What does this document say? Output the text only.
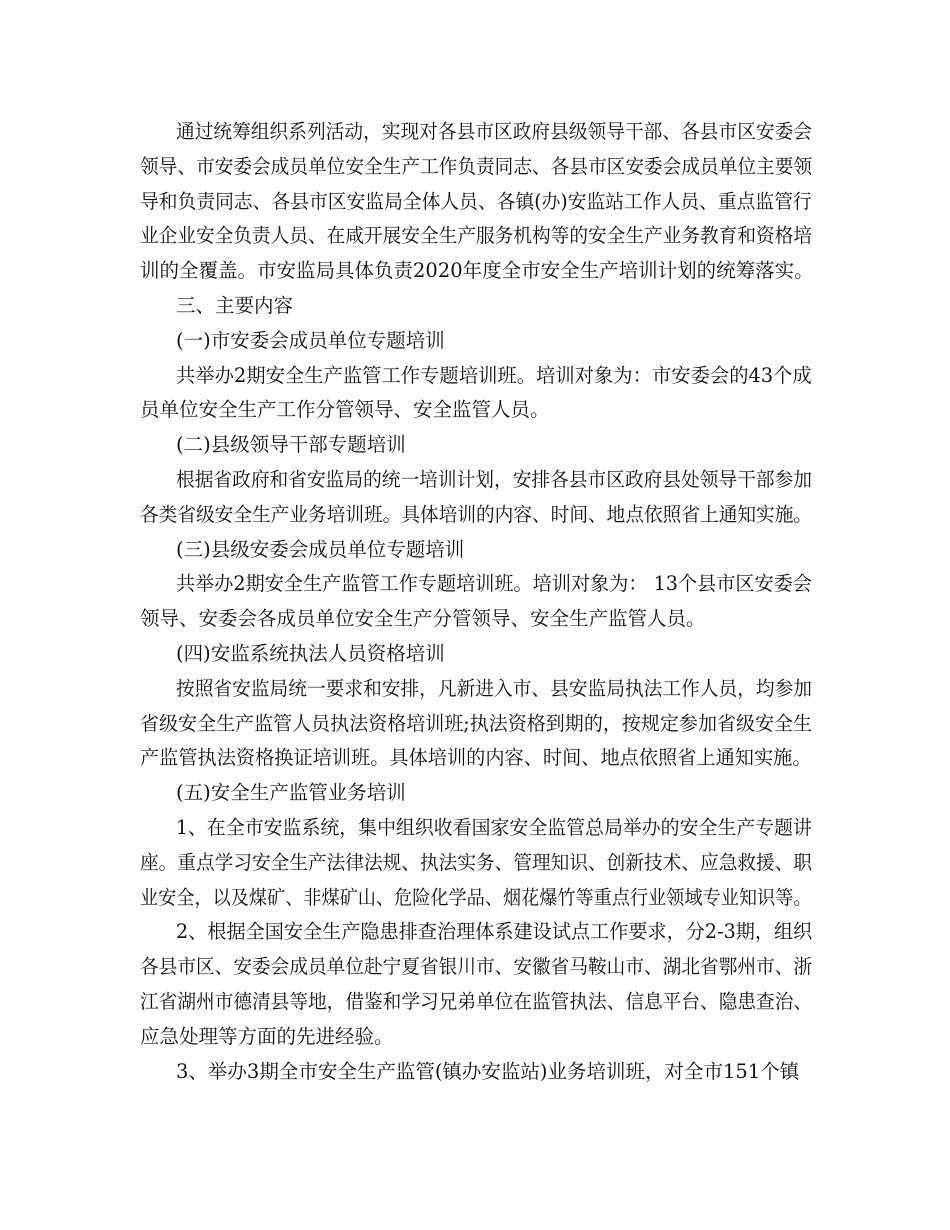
通过统筹组织系列活动，实现对各县市区政府县级领导干部、各县市区安委会
领导、市安委会成员单位安全生产工作负责同志、各县市区安委会成员单位主要领
导和负责同志、各县市区安监局全体人员、各镇(办)安监站工作人员、重点监管行
业企业安全负责人员、在咸开展安全生产服务机构等的安全生产业务教育和资格培
训的全覆盖。市安监局具体负责2020年度全市安全生产培训计划的统筹落实。
三、主要内容
(一)市安委会成员单位专题培训
共举办2期安全生产监管工作专题培训班。培训对象为：市安委会的43个成
员单位安全生产工作分管领导、安全监管人员。
(二)县级领导干部专题培训
根据省政府和省安监局的统一培训计划，安排各县市区政府县处领导干部参加
各类省级安全生产业务培训班。具体培训的内容、时间、地点依照省上通知实施。
(三)县级安委会成员单位专题培训
共举办2期安全生产监管工作专题培训班。培训对象为： 13个县市区安委会
领导、安委会各成员单位安全生产分管领导、安全生产监管人员。
(四)安监系统执法人员资格培训
按照省安监局统一要求和安排，凡新进入市、县安监局执法工作人员，均参加
省级安全生产监管人员执法资格培训班;执法资格到期的，按规定参加省级安全生
产监管执法资格换证培训班。具体培训的内容、时间、地点依照省上通知实施。
(五)安全生产监管业务培训
1、在全市安监系统，集中组织收看国家安全监管总局举办的安全生产专题讲
座。重点学习安全生产法律法规、执法实务、管理知识、创新技术、应急救援、职
业安全，以及煤矿、非煤矿山、危险化学品、烟花爆竹等重点行业领域专业知识等。
2、根据全国安全生产隐患排查治理体系建设试点工作要求，分2-3期，组织
各县市区、安委会成员单位赴宁夏省银川市、安徽省马鞍山市、湖北省鄂州市、浙
江省湖州市德清县等地，借鉴和学习兄弟单位在监管执法、信息平台、隐患查治、
应急处理等方面的先进经验。
3、举办3期全市安全生产监管(镇办安监站)业务培训班，对全市151个镇
